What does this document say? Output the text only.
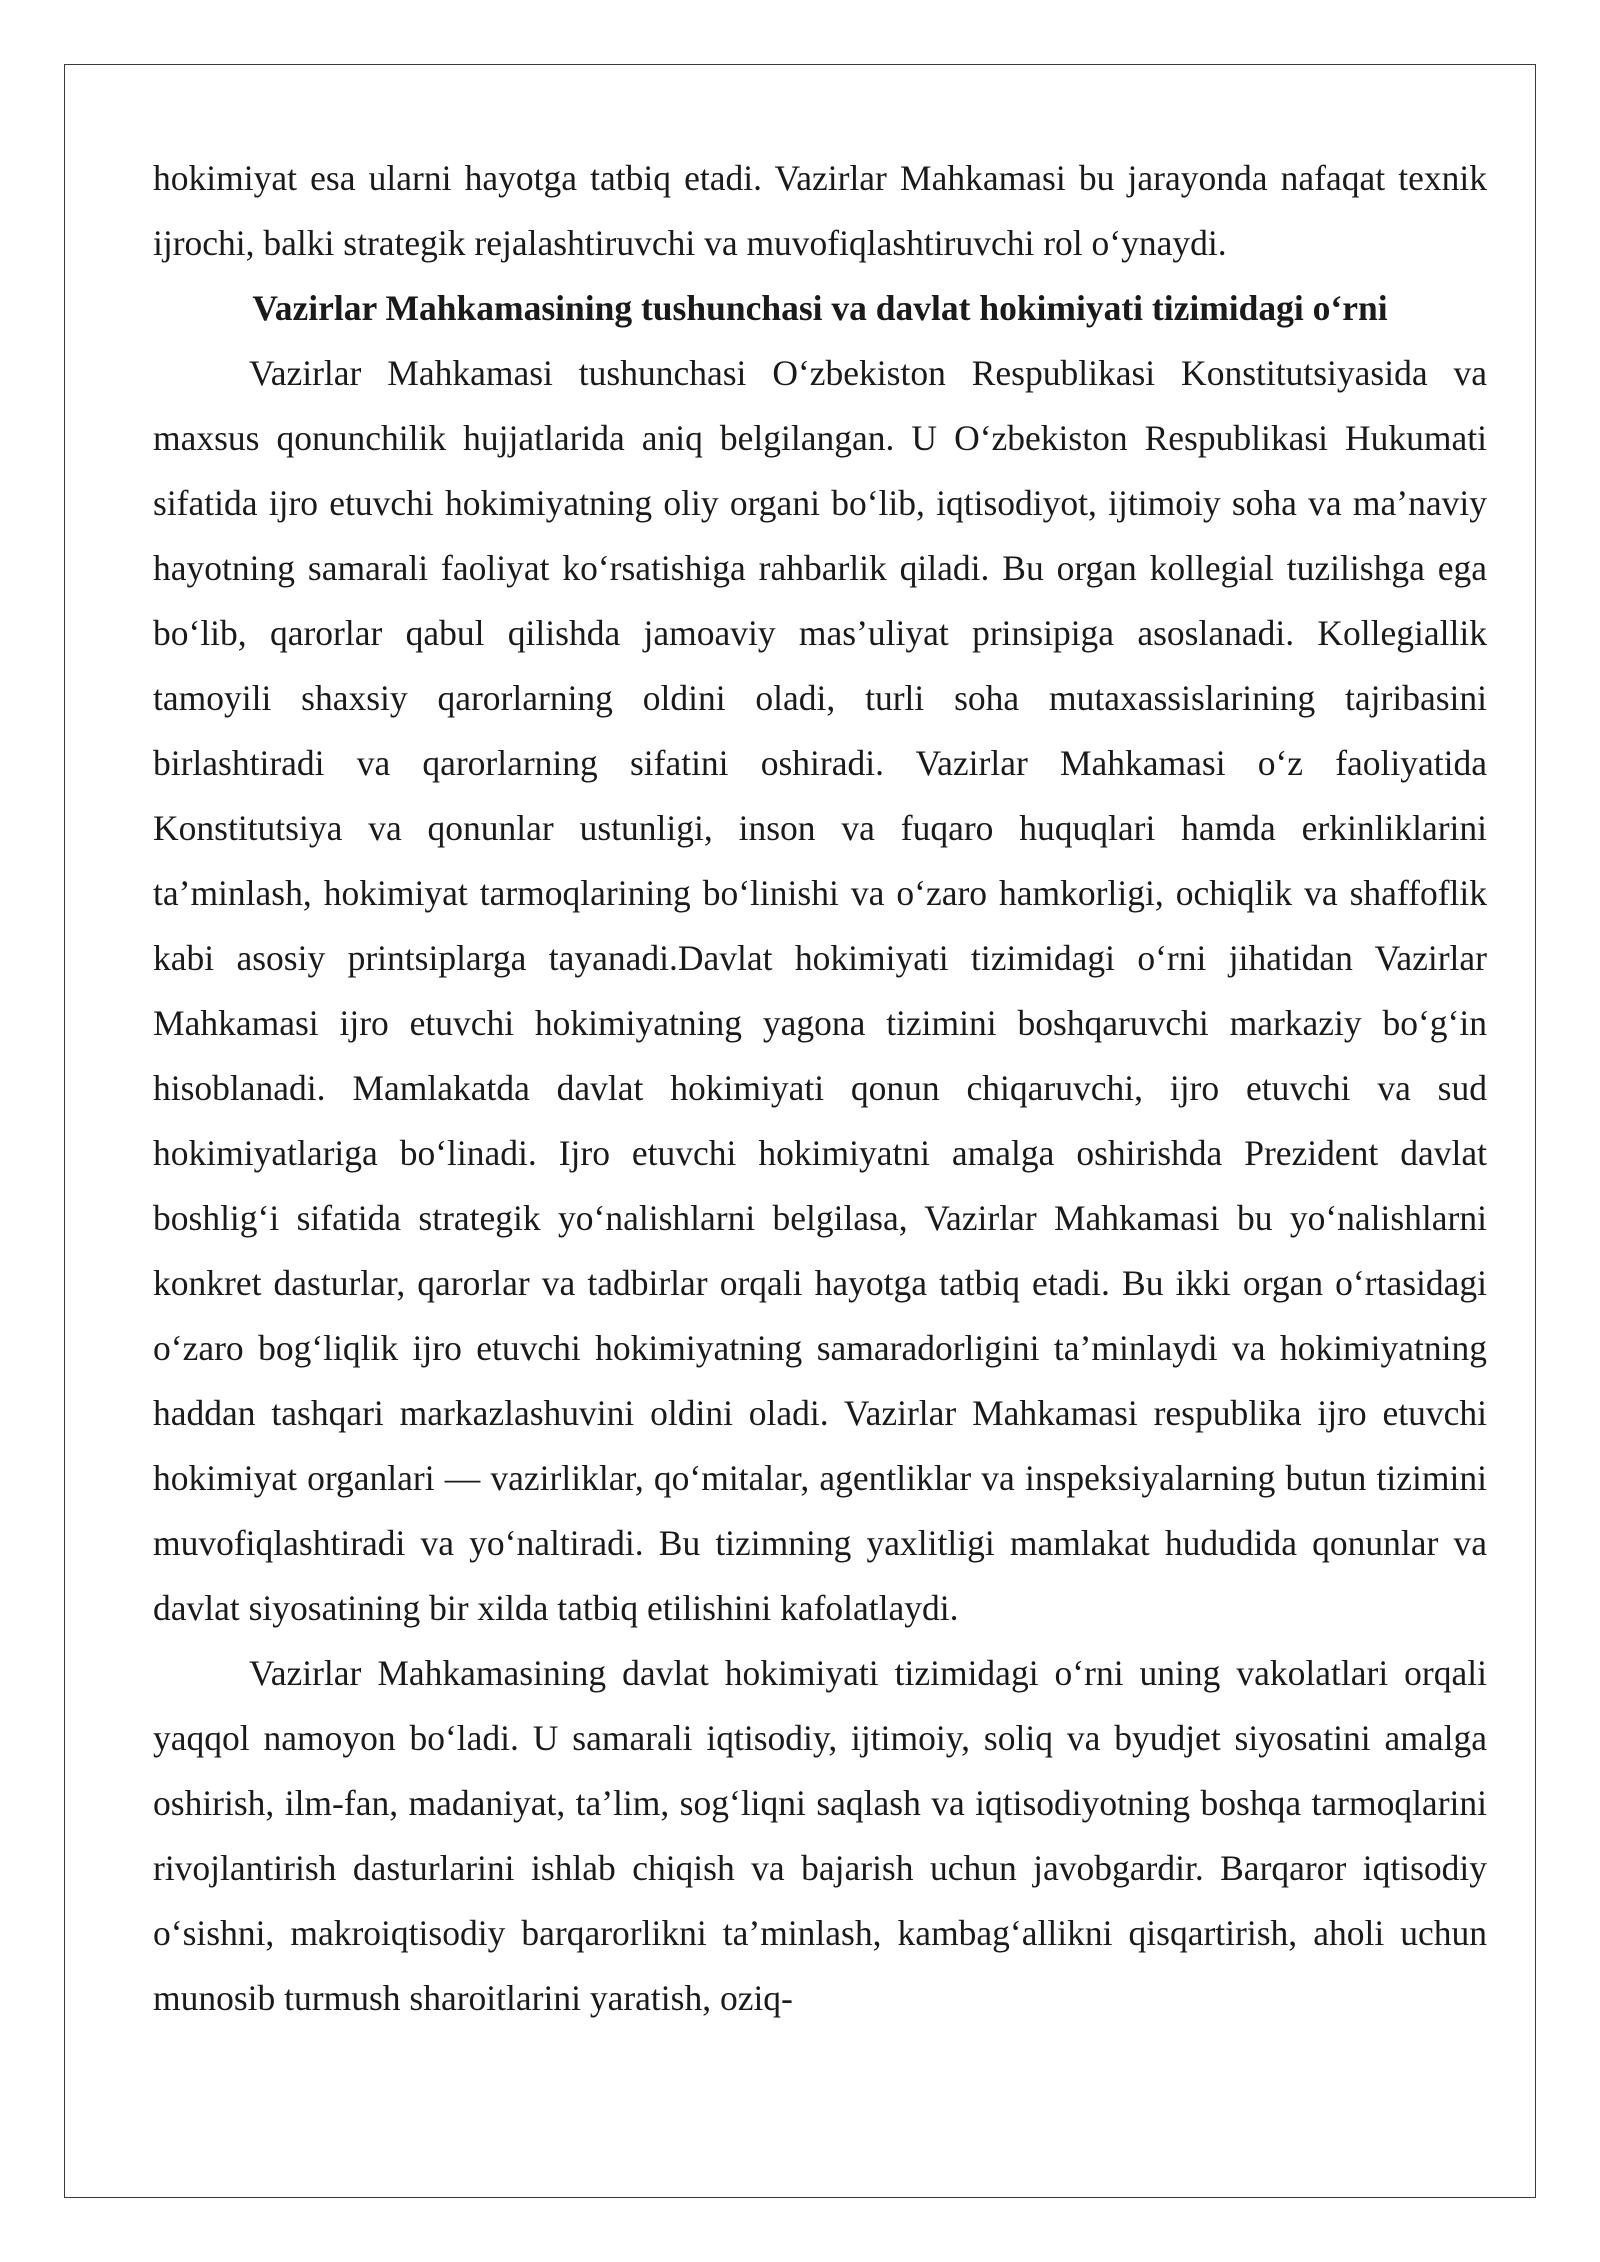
hokimiyat esa ularni hayotga tatbiq etadi. Vazirlar Mahkamasi bu jarayonda nafaqat texnik ijrochi, balki strategik rejalashtiruvchi va muvofiqlashtiruvchi rol o‘ynaydi.

Vazirlar Mahkamasining tushunchasi va davlat hokimiyati tizimidagi o‘rni

Vazirlar Mahkamasi tushunchasi O‘zbekiston Respublikasi Konstitutsiyasida va maxsus qonunchilik hujjatlarida aniq belgilangan. U O‘zbekiston Respublikasi Hukumati sifatida ijro etuvchi hokimiyatning oliy organi bo‘lib, iqtisodiyot, ijtimoiy soha va ma’naviy hayotning samarali faoliyat ko‘rsatishiga rahbarlik qiladi. Bu organ kollegial tuzilishga ega bo‘lib, qarorlar qabul qilishda jamoaviy mas’uliyat prinsipiga asoslanadi. Kollegiallik tamoyili shaxsiy qarorlarning oldini oladi, turli soha mutaxassislarining tajribasini birlashtiradi va qarorlarning sifatini oshiradi. Vazirlar Mahkamasi o‘z faoliyatida Konstitutsiya va qonunlar ustunligi, inson va fuqaro huquqlari hamda erkinliklarini ta’minlash, hokimiyat tarmoqlarining bo‘linishi va o‘zaro hamkorligi, ochiqlik va shaffoflik kabi asosiy printsiplarga tayanadi.Davlat hokimiyati tizimidagi o‘rni jihatidan Vazirlar Mahkamasi ijro etuvchi hokimiyatning yagona tizimini boshqaruvchi markaziy bo‘g‘in hisoblanadi. Mamlakatda davlat hokimiyati qonun chiqaruvchi, ijro etuvchi va sud hokimiyatlariga bo‘linadi. Ijro etuvchi hokimiyatni amalga oshirishda Prezident davlat boshlig‘i sifatida strategik yo‘nalishlarni belgilasa, Vazirlar Mahkamasi bu yo‘nalishlarni konkret dasturlar, qarorlar va tadbirlar orqali hayotga tatbiq etadi. Bu ikki organ o‘rtasidagi o‘zaro bog‘liqlik ijro etuvchi hokimiyatning samaradorligini ta’minlaydi va hokimiyatning haddan tashqari markazlashuvini oldini oladi. Vazirlar Mahkamasi respublika ijro etuvchi hokimiyat organlari — vazirliklar, qo‘mitalar, agentliklar va inspeksiyalarning butun tizimini muvofiqlashtiradi va yo‘naltiradi. Bu tizimning yaxlitligi mamlakat hududida qonunlar va davlat siyosatining bir xilda tatbiq etilishini kafolatlaydi.

Vazirlar Mahkamasining davlat hokimiyati tizimidagi o‘rni uning vakolatlari orqali yaqqol namoyon bo‘ladi. U samarali iqtisodiy, ijtimoiy, soliq va byudjet siyosatini amalga oshirish, ilm-fan, madaniyat, ta’lim, sog‘liqni saqlash va iqtisodiyotning boshqa tarmoqlarini rivojlantirish dasturlarini ishlab chiqish va bajarish uchun javobgardir. Barqaror iqtisodiy o‘sishni, makroiqtisodiy barqarorlikni ta’minlash, kambag‘allikni qisqartirish, aholi uchun munosib turmush sharoitlarini yaratish, oziq-
